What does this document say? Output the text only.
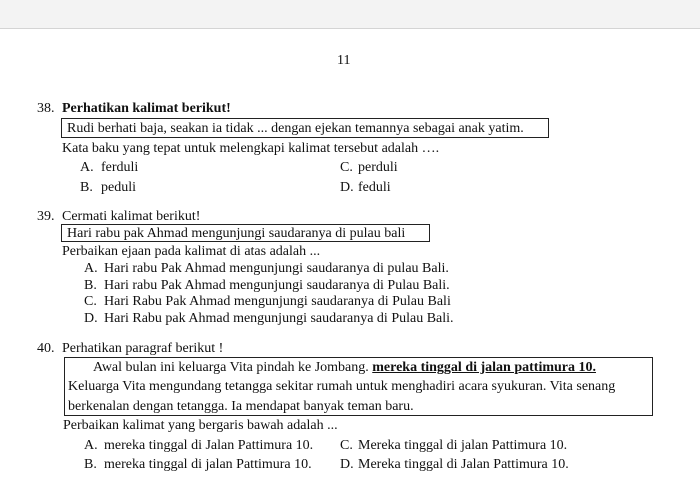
11
38. Perhatikan kalimat berikut!
Rudi berhati baja, seakan ia tidak ... dengan ejekan temannya sebagai anak yatim.
Kata baku yang tepat untuk melengkapi kalimat tersebut adalah ….
A. ferduli	C. perduli
B. peduli	D. feduli
39. Cermati kalimat berikut!
Hari rabu pak Ahmad mengunjungi saudaranya di pulau bali
Perbaikan ejaan pada kalimat di atas adalah ...
A. Hari rabu Pak Ahmad mengunjungi saudaranya di pulau Bali.
B. Hari rabu Pak Ahmad mengunjungi saudaranya di Pulau Bali.
C. Hari Rabu Pak Ahmad mengunjungi saudaranya di Pulau Bali
D. Hari Rabu pak Ahmad mengunjungi saudaranya di Pulau Bali.
40. Perhatikan paragraf berikut !
Awal bulan ini keluarga Vita pindah ke Jombang. mereka tinggal di jalan pattimura 10.
Keluarga Vita mengundang tetangga sekitar rumah untuk menghadiri acara syukuran. Vita senang
berkenalan dengan tetangga. Ia mendapat banyak teman baru.
Perbaikan kalimat yang bergaris bawah adalah ...
A. mereka tinggal di Jalan Pattimura 10. C. Mereka tinggal di jalan Pattimura 10.
B. mereka tinggal di jalan Pattimura 10. D. Mereka tinggal di Jalan Pattimura 10.
